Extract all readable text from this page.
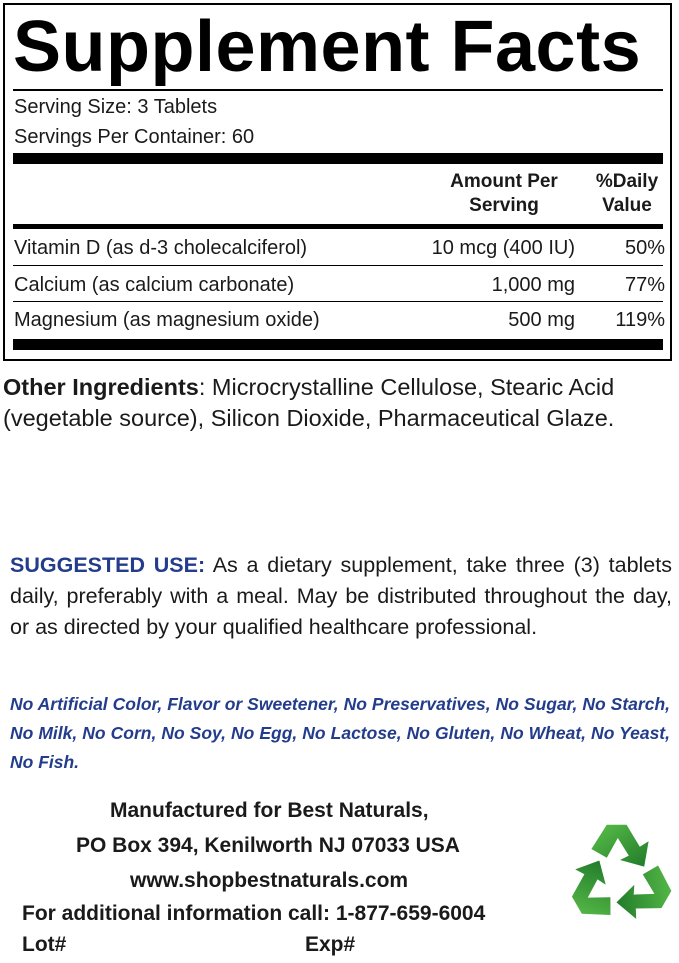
Supplement Facts
Serving Size: 3 Tablets
Servings Per Container: 60
Amount Per
Serving
%Daily
Value
Vitamin D (as d-3 cholecalciferol)	10 mcg (400 IU)	50%
Calcium (as calcium carbonate)	1,000 mg	77%
Magnesium (as magnesium oxide)	500 mg	119%

Other Ingredients: Microcrystalline Cellulose, Stearic Acid (vegetable source), Silicon Dioxide, Pharmaceutical Glaze.

SUGGESTED USE: As a dietary supplement, take three (3) tablets daily, preferably with a meal. May be distributed throughout the day, or as directed by your qualified healthcare professional.

No Artificial Color, Flavor or Sweetener, No Preservatives, No Sugar, No Starch, No Milk, No Corn, No Soy, No Egg, No Lactose, No Gluten, No Wheat, No Yeast, No Fish.

Manufactured for Best Naturals,
PO Box 394, Kenilworth NJ 07033 USA
www.shopbestnaturals.com
For additional information call: 1-877-659-6004
Lot#	Exp#
